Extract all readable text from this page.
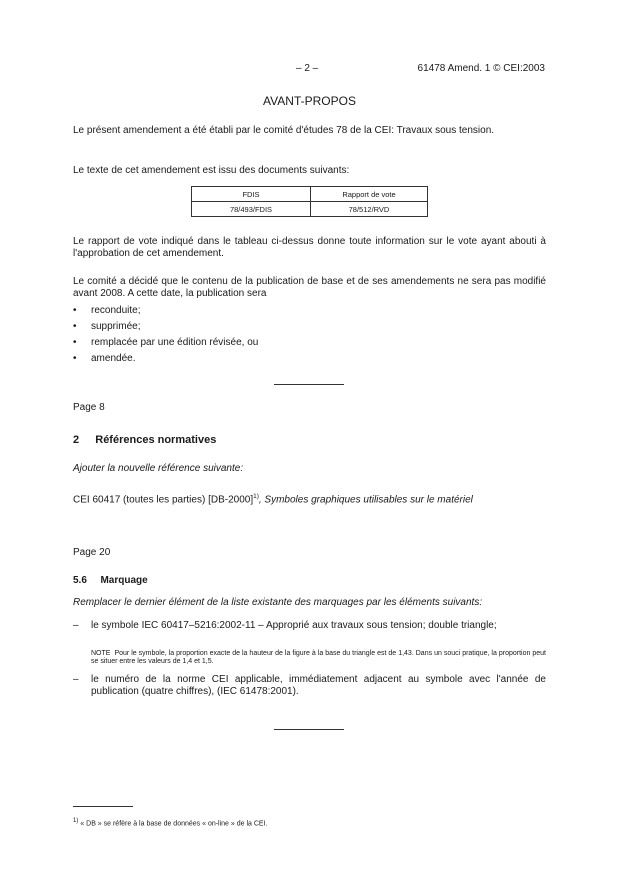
– 2 –	61478 Amend. 1 © CEI:2003
AVANT-PROPOS
Le présent amendement a été établi par le comité d'études 78 de la CEI: Travaux sous tension.
Le texte de cet amendement est issu des documents suivants:
FDIS	Rapport de vote
78/493/FDIS	78/512/RVD
Le rapport de vote indiqué dans le tableau ci-dessus donne toute information sur le vote ayant abouti à l'approbation de cet amendement.
Le comité a décidé que le contenu de la publication de base et de ses amendements ne sera pas modifié avant 2008. A cette date, la publication sera
• reconduite;
• supprimée;
• remplacée par une édition révisée, ou
• amendée.
Page 8
2 Références normatives
Ajouter la nouvelle référence suivante:
CEI 60417 (toutes les parties) $[DB-2000]^{1)}$, Symboles graphiques utilisables sur le matériel
Page 20
5.6 Marquage
Remplacer le dernier élément de la liste existante des marquages par les éléments suivants:
– le symbole IEC 60417–5216:2002-11 – Approprié aux travaux sous tension; double triangle;
NOTE Pour le symbole, la proportion exacte de la hauteur de la figure à la base du triangle est de 1,43. Dans un souci pratique, la proportion peut se situer entre les valeurs de 1,4 et 1,5.
– le numéro de la norme CEI applicable, immédiatement adjacent au symbole avec l'année de publication (quatre chiffres), (IEC 61478:2001).
$^{1)}$ « DB » se réfère à la base de données « on-line » de la CEI.
